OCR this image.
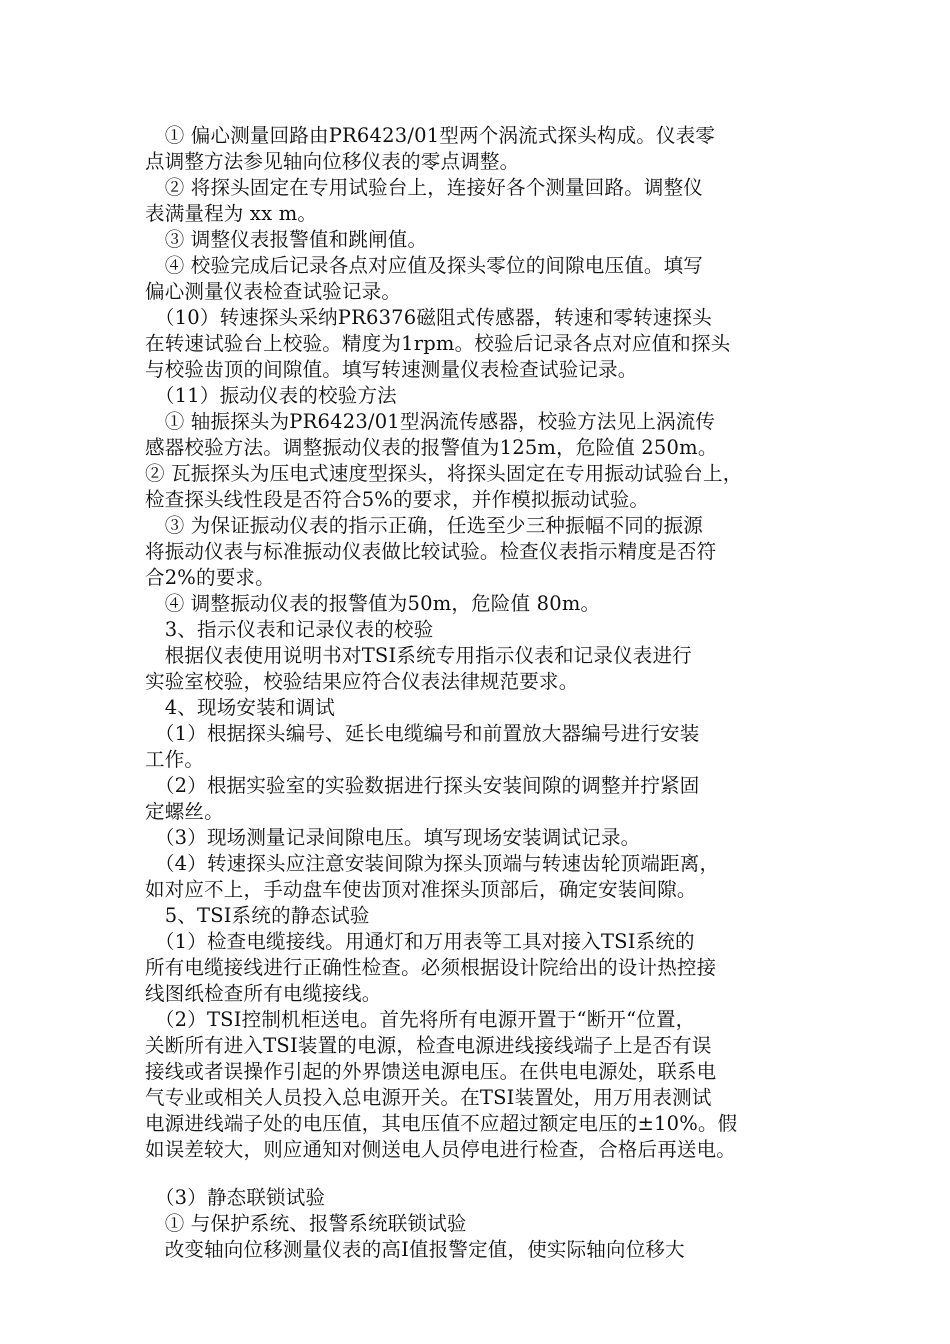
　① 偏心测量回路由PR6423/01型两个涡流式探头构成。仪表零
点调整方法参见轴向位移仪表的零点调整。
　② 将探头固定在专用试验台上，连接好各个测量回路。调整仪
表满量程为 xx m。
　③ 调整仪表报警值和跳闸值。
　④ 校验完成后记录各点对应值及探头零位的间隙电压值。填写
偏心测量仪表检查试验记录。
　（10）转速探头采纳PR6376磁阻式传感器，转速和零转速探头
在转速试验台上校验。精度为1rpm。校验后记录各点对应值和探头
与校验齿顶的间隙值。填写转速测量仪表检查试验记录。
　（11）振动仪表的校验方法
　① 轴振探头为PR6423/01型涡流传感器，校验方法见上涡流传
感器校验方法。调整振动仪表的报警值为125m，危险值 250m。
② 瓦振探头为压电式速度型探头，将探头固定在专用振动试验台上，
检查探头线性段是否符合5%的要求，并作模拟振动试验。
　③ 为保证振动仪表的指示正确，任选至少三种振幅不同的振源
将振动仪表与标准振动仪表做比较试验。检查仪表指示精度是否符
合2%的要求。
　④ 调整振动仪表的报警值为50m，危险值 80m。
　3、指示仪表和记录仪表的校验
　根据仪表使用说明书对TSI系统专用指示仪表和记录仪表进行
实验室校验，校验结果应符合仪表法律规范要求。
　4、现场安装和调试
　（1）根据探头编号、延长电缆编号和前置放大器编号进行安装
工作。
　（2）根据实验室的实验数据进行探头安装间隙的调整并拧紧固
定螺丝。
　（3）现场测量记录间隙电压。填写现场安装调试记录。
　（4）转速探头应注意安装间隙为探头顶端与转速齿轮顶端距离，
如对应不上，手动盘车使齿顶对准探头顶部后，确定安装间隙。
　5、TSI系统的静态试验
　（1）检查电缆接线。用通灯和万用表等工具对接入TSI系统的
所有电缆接线进行正确性检查。必须根据设计院给出的设计热控接
线图纸检查所有电缆接线。
　（2）TSI控制机柜送电。首先将所有电源开置于“断开“位置，
关断所有进入TSI装置的电源，检查电源进线接线端子上是否有误
接线或者误操作引起的外界馈送电源电压。在供电电源处，联系电
气专业或相关人员投入总电源开关。在TSI装置处，用万用表测试
电源进线端子处的电压值，其电压值不应超过额定电压的±10%。假
如误差较大，则应通知对侧送电人员停电进行检查，合格后再送电。
　（3）静态联锁试验
　① 与保护系统、报警系统联锁试验
　改变轴向位移测量仪表的高Ⅰ值报警定值，使实际轴向位移大
